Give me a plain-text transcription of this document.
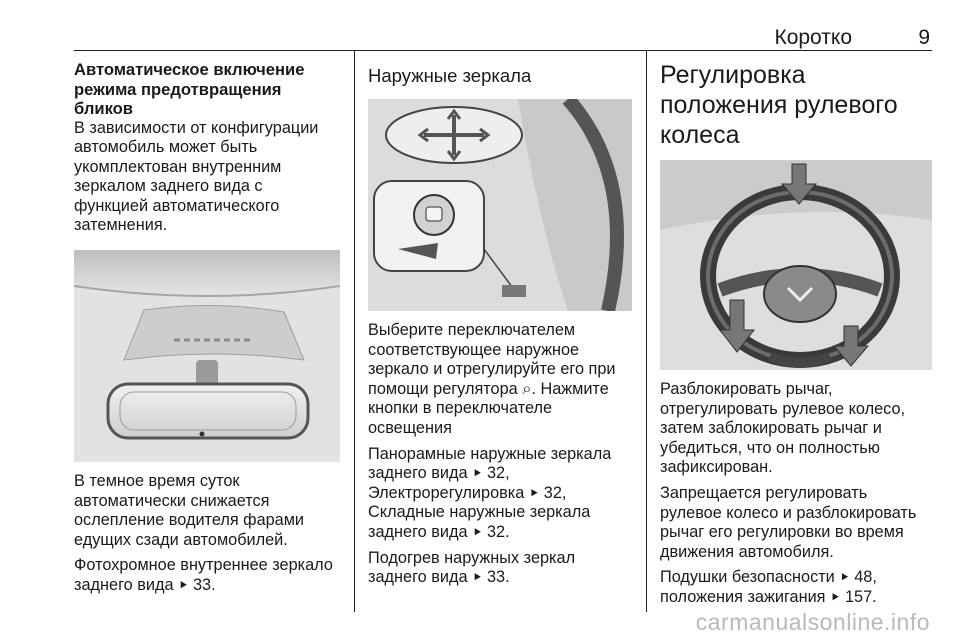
Коротко	9
Автоматическое включение режима предотвращения бликов

В зависимости от конфигурации автомобиль может быть укомплектован внутренним зеркалом заднего вида с функцией автоматического затемнения.

В темное время суток автоматически снижается ослепление водителя фарами едущих сзади автомобилей.

Фотохромное внутреннее зеркало заднего вида ⯈ 33.

Наружные зеркала

Выберите переключателем соответствующее наружное зеркало и отрегулируйте его при помощи регулятора ⌕. Нажмите кнопки в переключателе освещения

Панорамные наружные зеркала заднего вида ⯈ 32, Электрорегулировка ⯈ 32, Складные наружные зеркала заднего вида ⯈ 32.

Подогрев наружных зеркал заднего вида ⯈ 33.

Регулировка положения рулевого колеса

Разблокировать рычаг, отрегулировать рулевое колесо, затем заблокировать рычаг и убедиться, что он полностью зафиксирован.

Запрещается регулировать рулевое колесо и разблокировать рычаг его регулировки во время движения автомобиля.

Подушки безопасности ⯈ 48, положения зажигания ⯈ 157.

carmanualsonline.info
